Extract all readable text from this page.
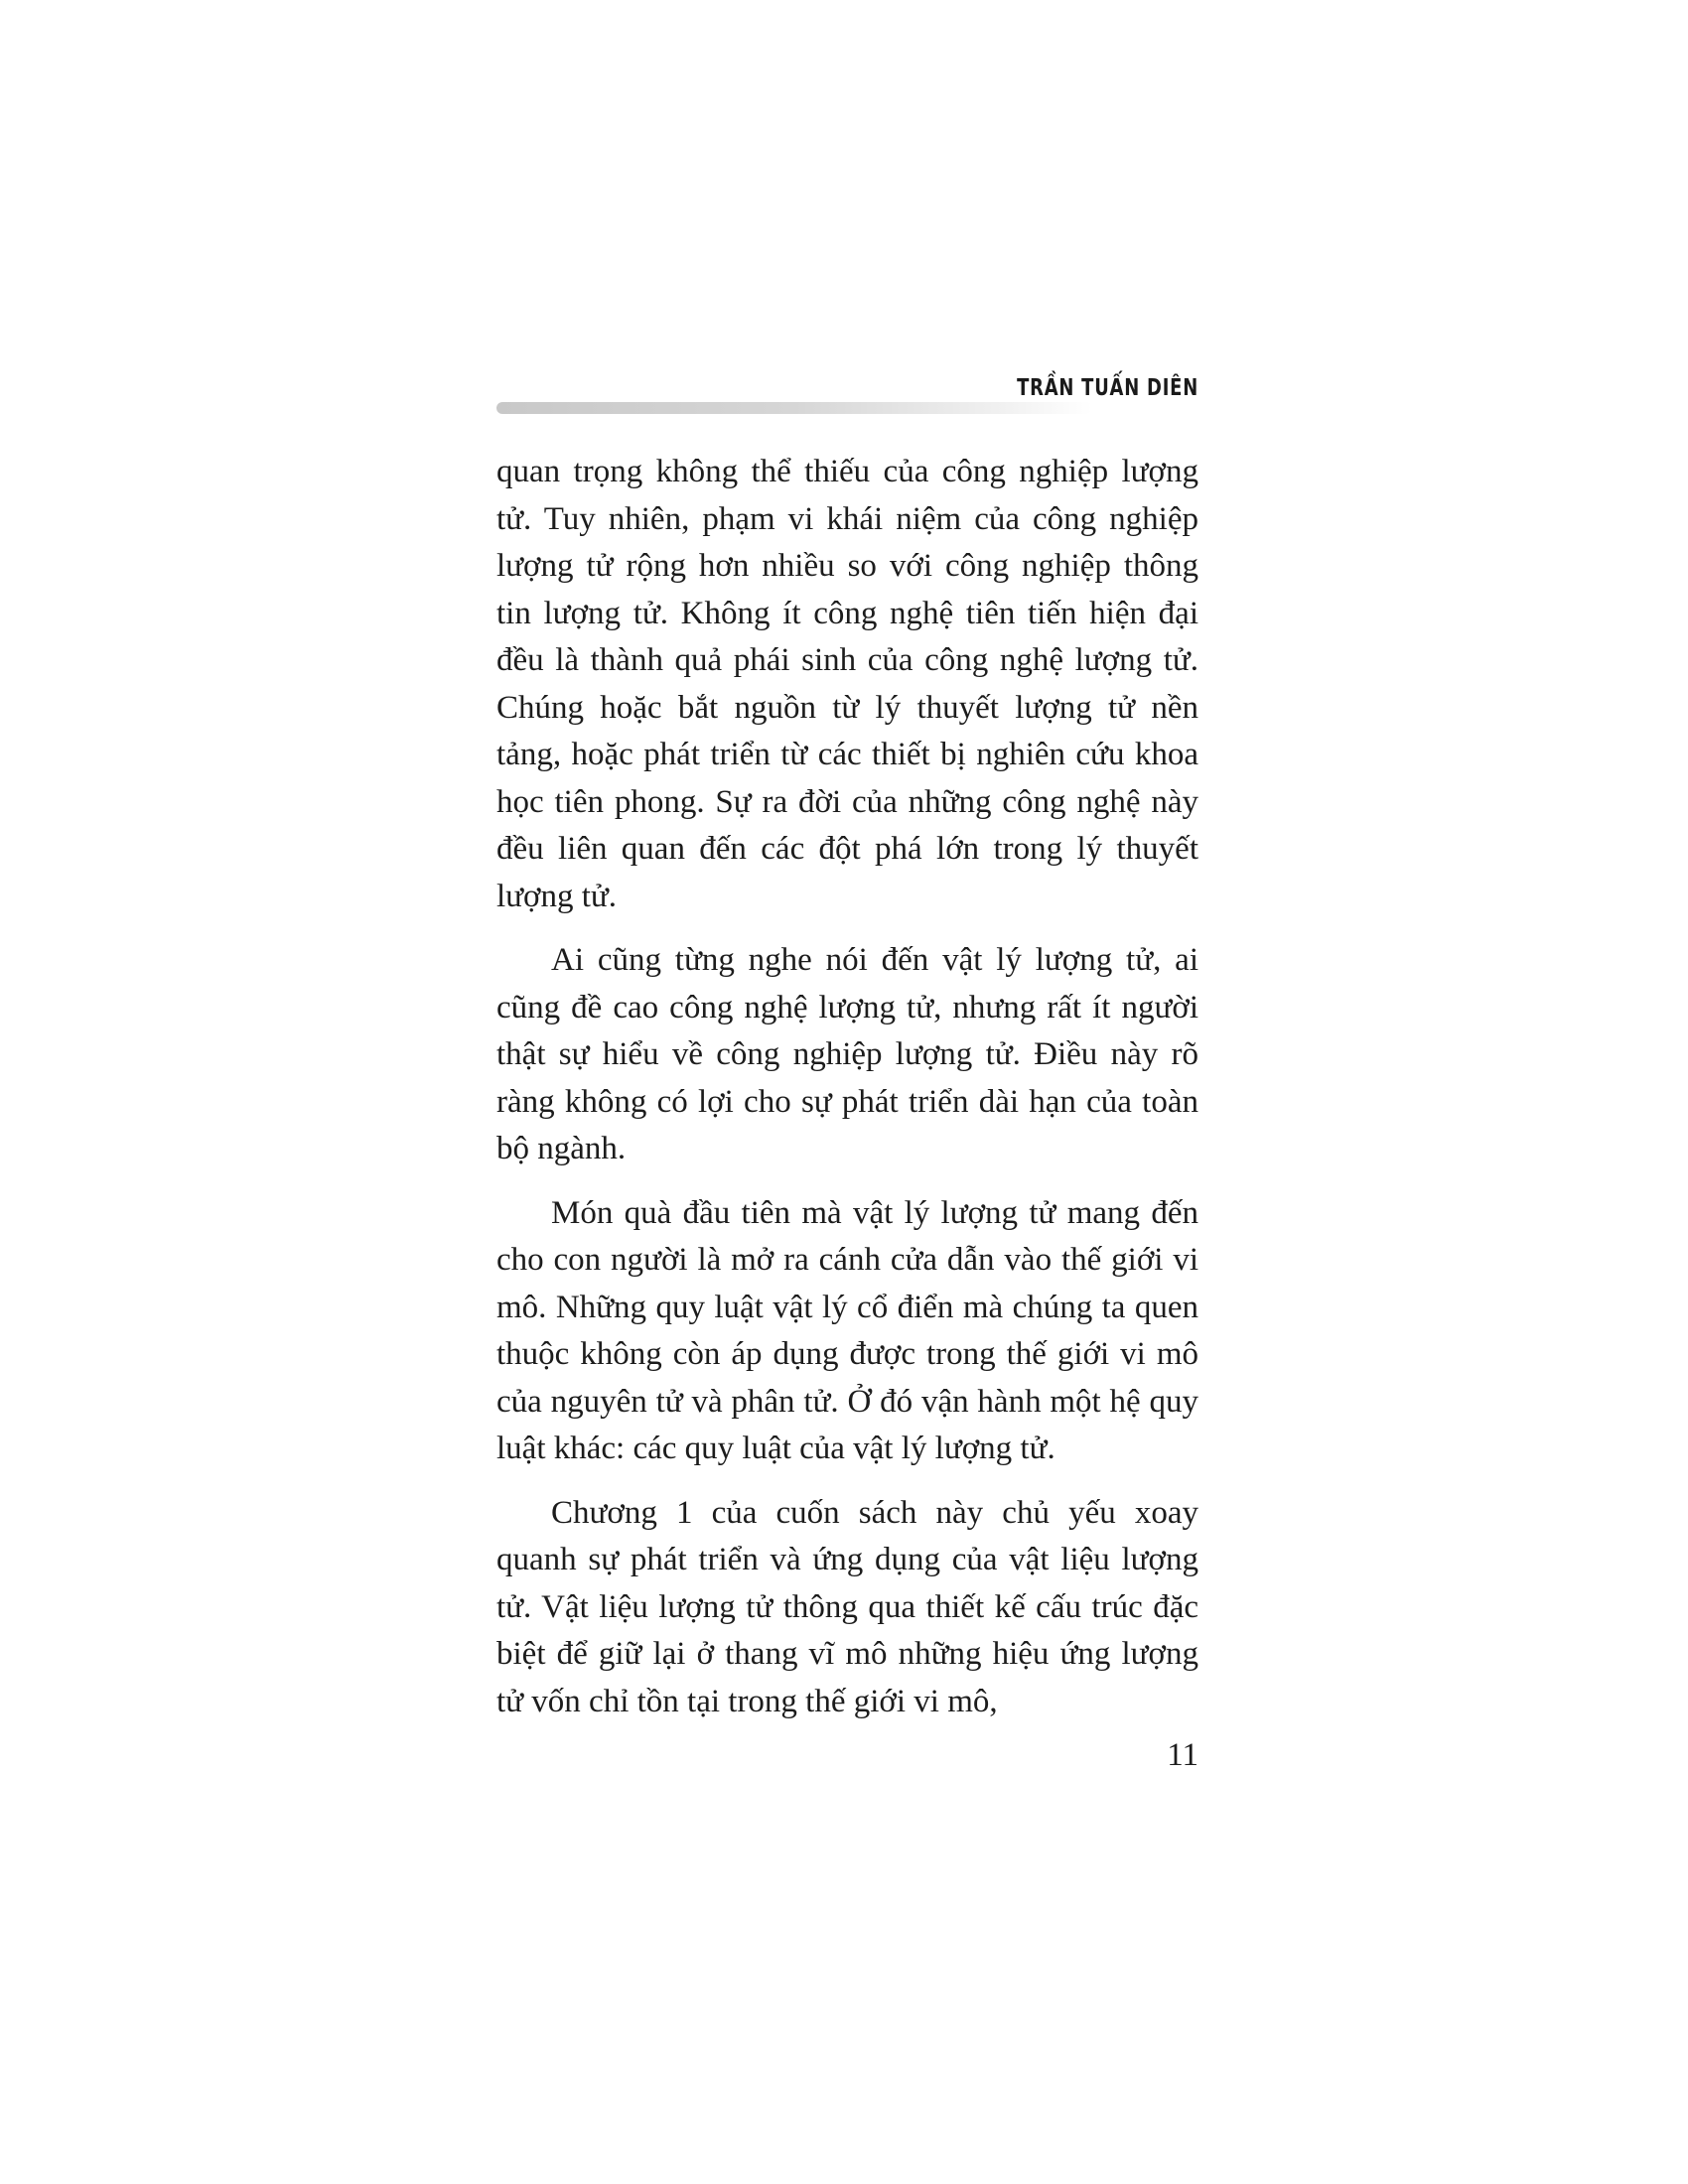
TRẦN TUẤN DIÊN

quan trọng không thể thiếu của công nghiệp lượng tử. Tuy nhiên, phạm vi khái niệm của công nghiệp lượng tử rộng hơn nhiều so với công nghiệp thông tin lượng tử. Không ít công nghệ tiên tiến hiện đại đều là thành quả phái sinh của công nghệ lượng tử. Chúng hoặc bắt nguồn từ lý thuyết lượng tử nền tảng, hoặc phát triển từ các thiết bị nghiên cứu khoa học tiên phong. Sự ra đời của những công nghệ này đều liên quan đến các đột phá lớn trong lý thuyết lượng tử.

Ai cũng từng nghe nói đến vật lý lượng tử, ai cũng đề cao công nghệ lượng tử, nhưng rất ít người thật sự hiểu về công nghiệp lượng tử. Điều này rõ ràng không có lợi cho sự phát triển dài hạn của toàn bộ ngành.

Món quà đầu tiên mà vật lý lượng tử mang đến cho con người là mở ra cánh cửa dẫn vào thế giới vi mô. Những quy luật vật lý cổ điển mà chúng ta quen thuộc không còn áp dụng được trong thế giới vi mô của nguyên tử và phân tử. Ở đó vận hành một hệ quy luật khác: các quy luật của vật lý lượng tử.

Chương 1 của cuốn sách này chủ yếu xoay quanh sự phát triển và ứng dụng của vật liệu lượng tử. Vật liệu lượng tử thông qua thiết kế cấu trúc đặc biệt để giữ lại ở thang vĩ mô những hiệu ứng lượng tử vốn chỉ tồn tại trong thế giới vi mô,

11
